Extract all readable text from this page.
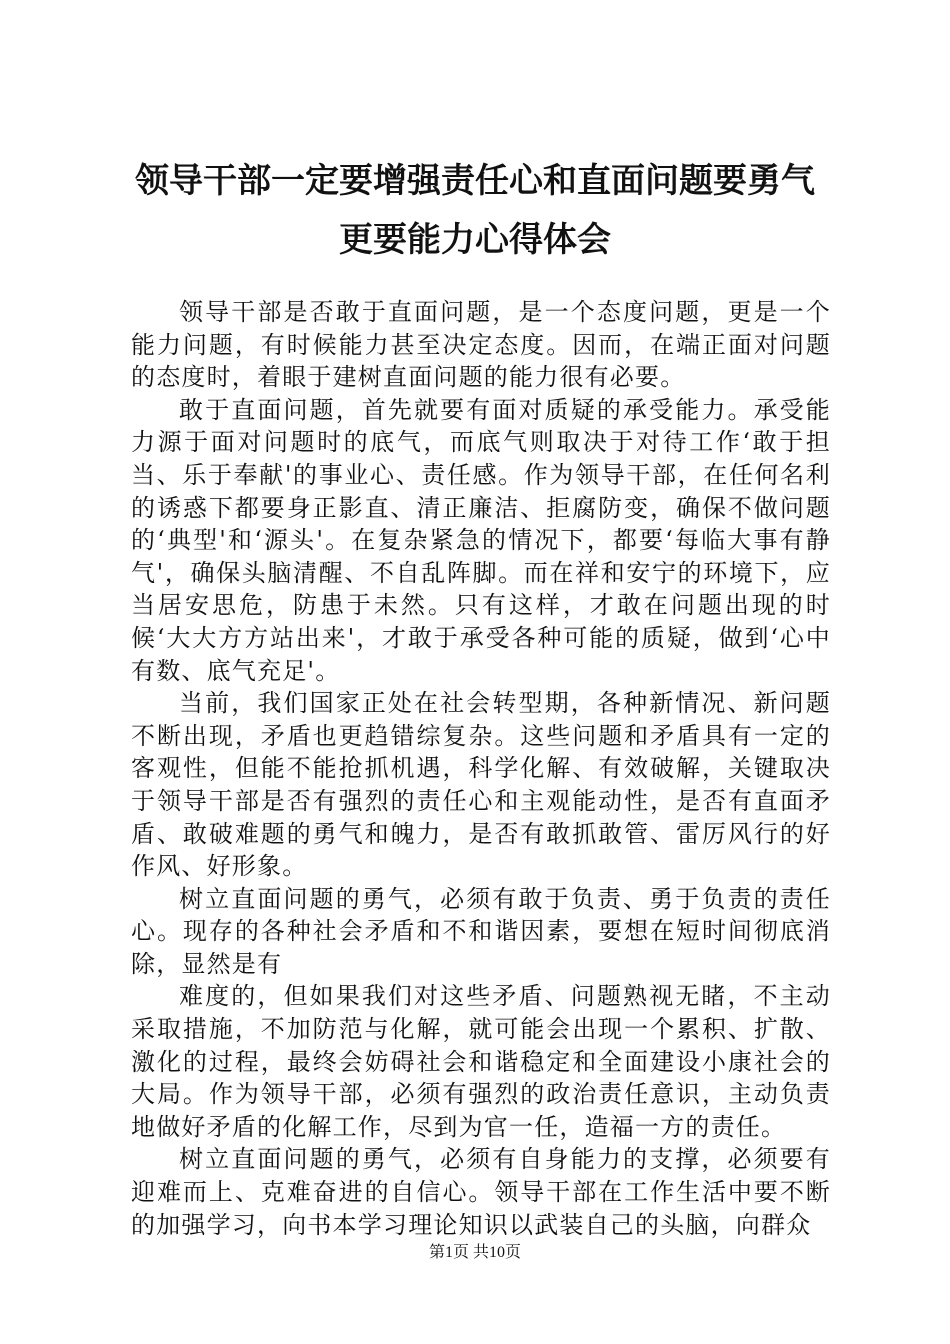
领导干部一定要增强责任心和直面问题要勇气
更要能力心得体会

领导干部是否敢于直面问题，是一个态度问题，更是一个能力问题，有时候能力甚至决定态度。因而，在端正面对问题的态度时，着眼于建树直面问题的能力很有必要。

敢于直面问题，首先就要有面对质疑的承受能力。承受能力源于面对问题时的底气，而底气则取决于对待工作‘敢于担当、乐于奉献'的事业心、责任感。作为领导干部，在任何名利的诱惑下都要身正影直、清正廉洁、拒腐防变，确保不做问题的‘典型'和‘源头'。在复杂紧急的情况下，都要‘每临大事有静气'，确保头脑清醒、不自乱阵脚。而在祥和安宁的环境下，应当居安思危，防患于未然。只有这样，才敢在问题出现的时候‘大大方方站出来'，才敢于承受各种可能的质疑，做到‘心中有数、底气充足'。

当前，我们国家正处在社会转型期，各种新情况、新问题不断出现，矛盾也更趋错综复杂。这些问题和矛盾具有一定的客观性，但能不能抢抓机遇，科学化解、有效破解，关键取决于领导干部是否有强烈的责任心和主观能动性，是否有直面矛盾、敢破难题的勇气和魄力，是否有敢抓敢管、雷厉风行的好作风、好形象。

树立直面问题的勇气，必须有敢于负责、勇于负责的责任心。现存的各种社会矛盾和不和谐因素，要想在短时间彻底消除，显然是有

难度的，但如果我们对这些矛盾、问题熟视无睹，不主动采取措施，不加防范与化解，就可能会出现一个累积、扩散、激化的过程，最终会妨碍社会和谐稳定和全面建设小康社会的大局。作为领导干部，必须有强烈的政治责任意识，主动负责地做好矛盾的化解工作，尽到为官一任，造福一方的责任。

树立直面问题的勇气，必须有自身能力的支撑，必须要有迎难而上、克难奋进的自信心。领导干部在工作生活中要不断的加强学习，向书本学习理论知识以武装自己的头脑，向群众

第1页 共10页
